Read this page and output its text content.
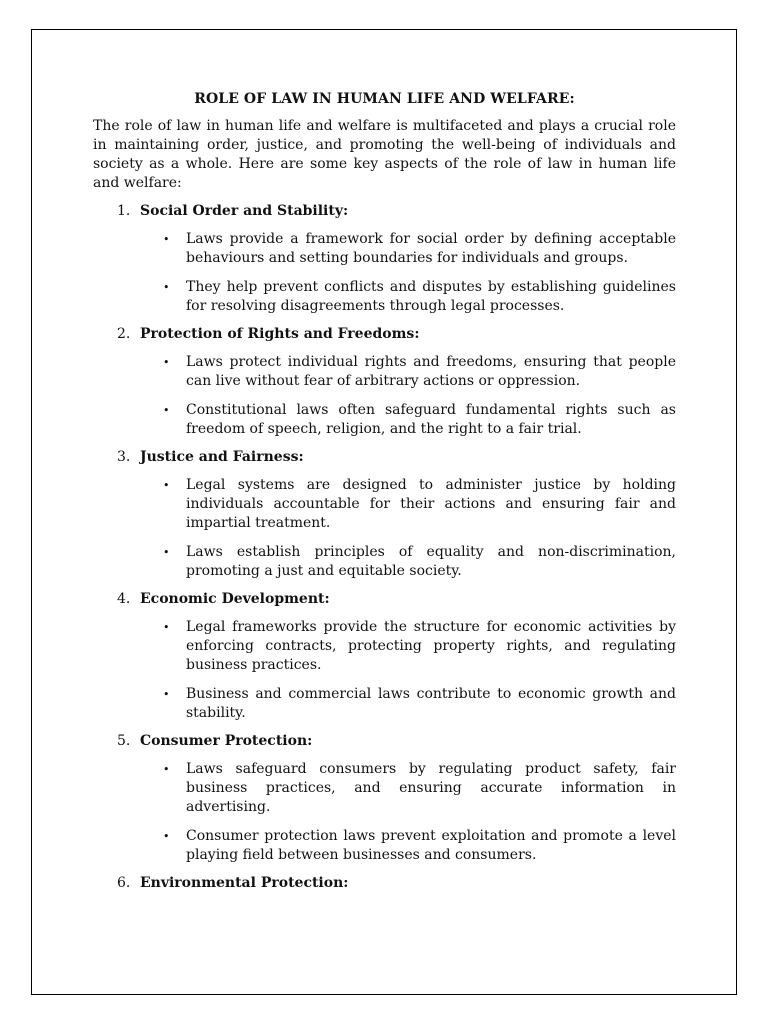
ROLE OF LAW IN HUMAN LIFE AND WELFARE:
The role of law in human life and welfare is multifaceted and plays a crucial role in maintaining order, justice, and promoting the well-being of individuals and society as a whole. Here are some key aspects of the role of law in human life and welfare:
1. Social Order and Stability:
• Laws provide a framework for social order by defining acceptable behaviours and setting boundaries for individuals and groups.
• They help prevent conflicts and disputes by establishing guidelines for resolving disagreements through legal processes.
2. Protection of Rights and Freedoms:
• Laws protect individual rights and freedoms, ensuring that people can live without fear of arbitrary actions or oppression.
• Constitutional laws often safeguard fundamental rights such as freedom of speech, religion, and the right to a fair trial.
3. Justice and Fairness:
• Legal systems are designed to administer justice by holding individuals accountable for their actions and ensuring fair and impartial treatment.
• Laws establish principles of equality and non-discrimination, promoting a just and equitable society.
4. Economic Development:
• Legal frameworks provide the structure for economic activities by enforcing contracts, protecting property rights, and regulating business practices.
• Business and commercial laws contribute to economic growth and stability.
5. Consumer Protection:
• Laws safeguard consumers by regulating product safety, fair business practices, and ensuring accurate information in advertising.
• Consumer protection laws prevent exploitation and promote a level playing field between businesses and consumers.
6. Environmental Protection:
